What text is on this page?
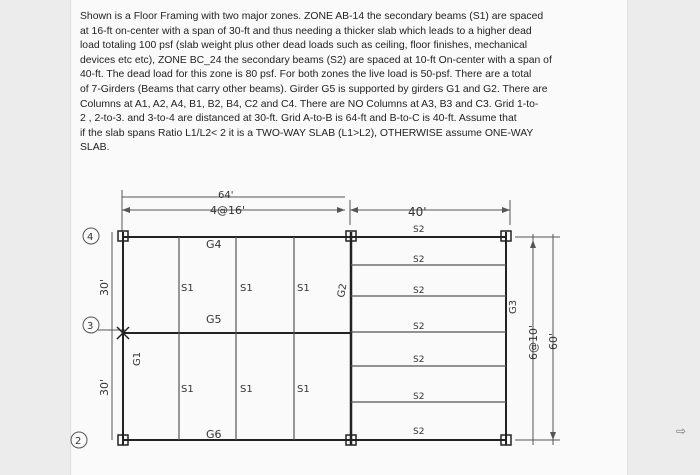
Shown is a Floor Framing with two major zones. ZONE AB-14 the secondary beams (S1) are spaced
at 16-ft on-center with a span of 30-ft and thus needing a thicker slab which leads to a higher dead
load totaling 100 psf (slab weight plus other dead loads such as ceiling, floor finishes, mechanical
devices etc etc), ZONE BC_24 the secondary beams (S2) are spaced at 10-ft On-center with a span of
40-ft. The dead load for this zone is 80 psf. For both zones the live load is 50-psf. There are a total
of 7-Girders (Beams that carry other beams). Girder G5 is supported by girders G1 and G2. There are
Columns at A1, A2, A4, B1, B2, B4, C2 and C4. There are NO Columns at A3, B3 and C3. Grid 1-to-
2 , 2-to-3. and 3-to-4 are distanced at 30-ft. Grid A-to-B is 64-ft and B-to-C is 40-ft. Assume that
if the slab spans Ratio L1/L2< 2 it is a TWO-WAY SLAB (L1>L2), OTHERWISE assume ONE-WAY
SLAB.

64'
4@16'	40'
30'
30'
4
3
2
G4
G5
G6
G1
G2
G3
S1	S1	S1
S1	S1	S1
S2
S2
S2
S2
S2
S2
S2
6@10' 60'
⇨
